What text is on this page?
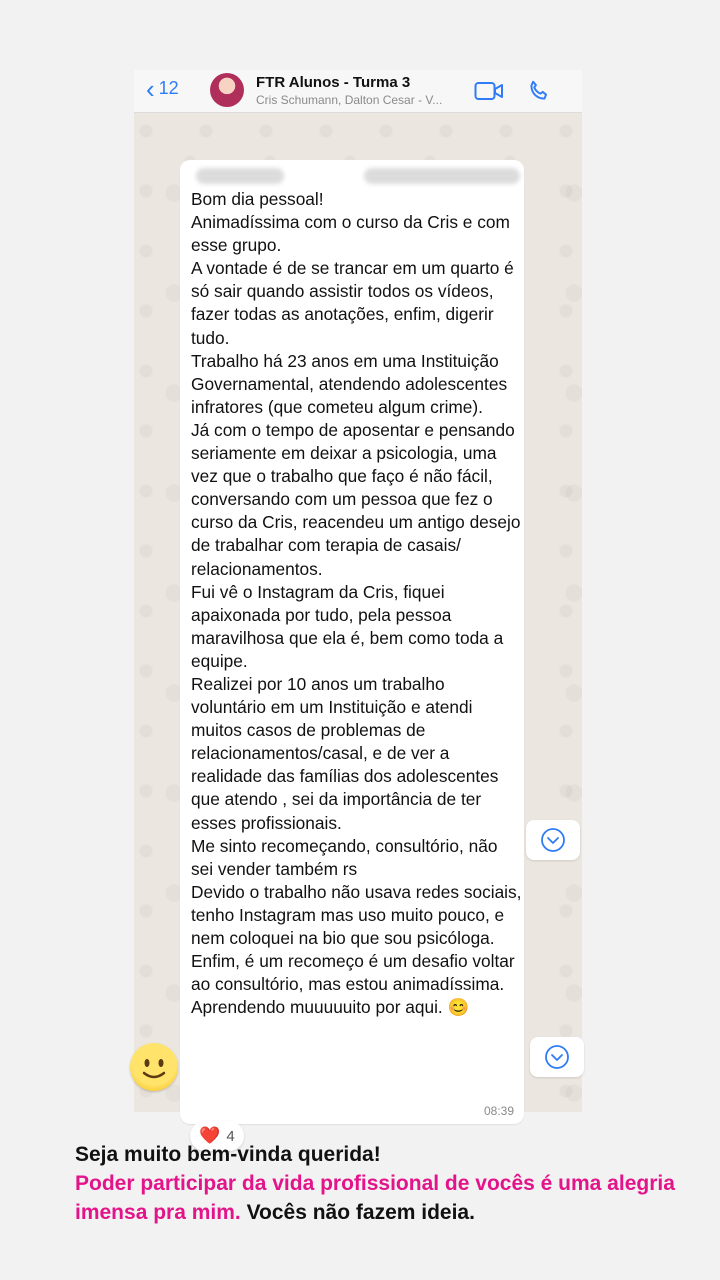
‹ 12	FTR Alunos - Turma 3
Cris Schumann, Dalton Cesar - V...
Bom dia pessoal!
Animadíssima com o curso da Cris e com esse grupo.
A vontade é de se trancar em um quarto é só sair quando assistir todos os vídeos, fazer todas as anotações, enfim, digerir tudo.
Trabalho há 23 anos em uma Instituição Governamental, atendendo adolescentes infratores (que cometeu algum crime).
Já com o tempo de aposentar e pensando seriamente em deixar a psicologia, uma vez que o trabalho que faço é não fácil, conversando com um pessoa que fez o curso da Cris, reacendeu um antigo desejo de trabalhar com terapia de casais/ relacionamentos.
Fui vê o Instagram da Cris, fiquei apaixonada por tudo, pela pessoa maravilhosa que ela é, bem como toda a equipe.
Realizei por 10 anos um trabalho voluntário em um Instituição e atendi muitos casos de problemas de relacionamentos/casal, e de ver a realidade das famílias dos adolescentes que atendo , sei da importância de ter esses profissionais.
Me sinto recomeçando, consultório, não sei vender também rs
Devido o trabalho não usava redes sociais, tenho Instagram mas uso muito pouco, e nem coloquei na bio que sou psicóloga.
Enfim, é um recomeço é um desafio voltar ao consultório, mas estou animadíssima.
Aprendendo muuuuuito por aqui. 😊
08:39
❤️ 4
Seja muito bem-vinda querida!
Poder participar da vida profissional de vocês é uma alegria imensa pra mim. Vocês não fazem ideia.
